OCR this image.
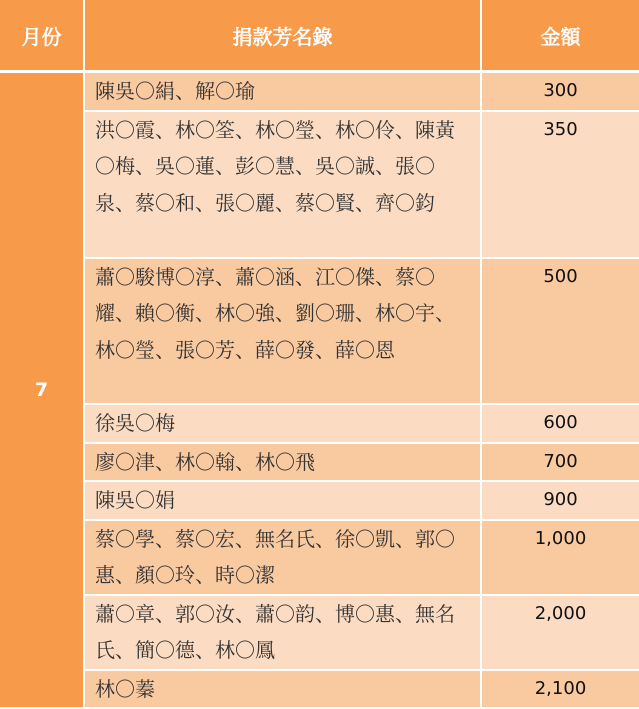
月份	捐款芳名錄	金額
7	陳吳〇絹、解〇瑜	300
	洪〇霞、林〇筌、林〇瑩、林〇伶、陳黃〇梅、吳〇蓮、彭〇慧、吳〇誠、張〇泉、蔡〇和、張〇麗、蔡〇賢、齊〇鈞	350
	蕭〇駿博〇淳、蕭〇涵、江〇傑、蔡〇耀、賴〇衡、林〇強、劉〇珊、林〇宇、林〇瑩、張〇芳、薛〇發、薛〇恩	500
	徐吳〇梅	600
	廖〇津、林〇翰、林〇飛	700
	陳吳〇娟	900
	蔡〇學、蔡〇宏、無名氏、徐〇凱、郭〇惠、顏〇玲、時〇潔	1,000
	蕭〇章、郭〇汝、蕭〇韵、博〇惠、無名氏、簡〇德、林〇鳳	2,000
	林〇蓁	2,100
